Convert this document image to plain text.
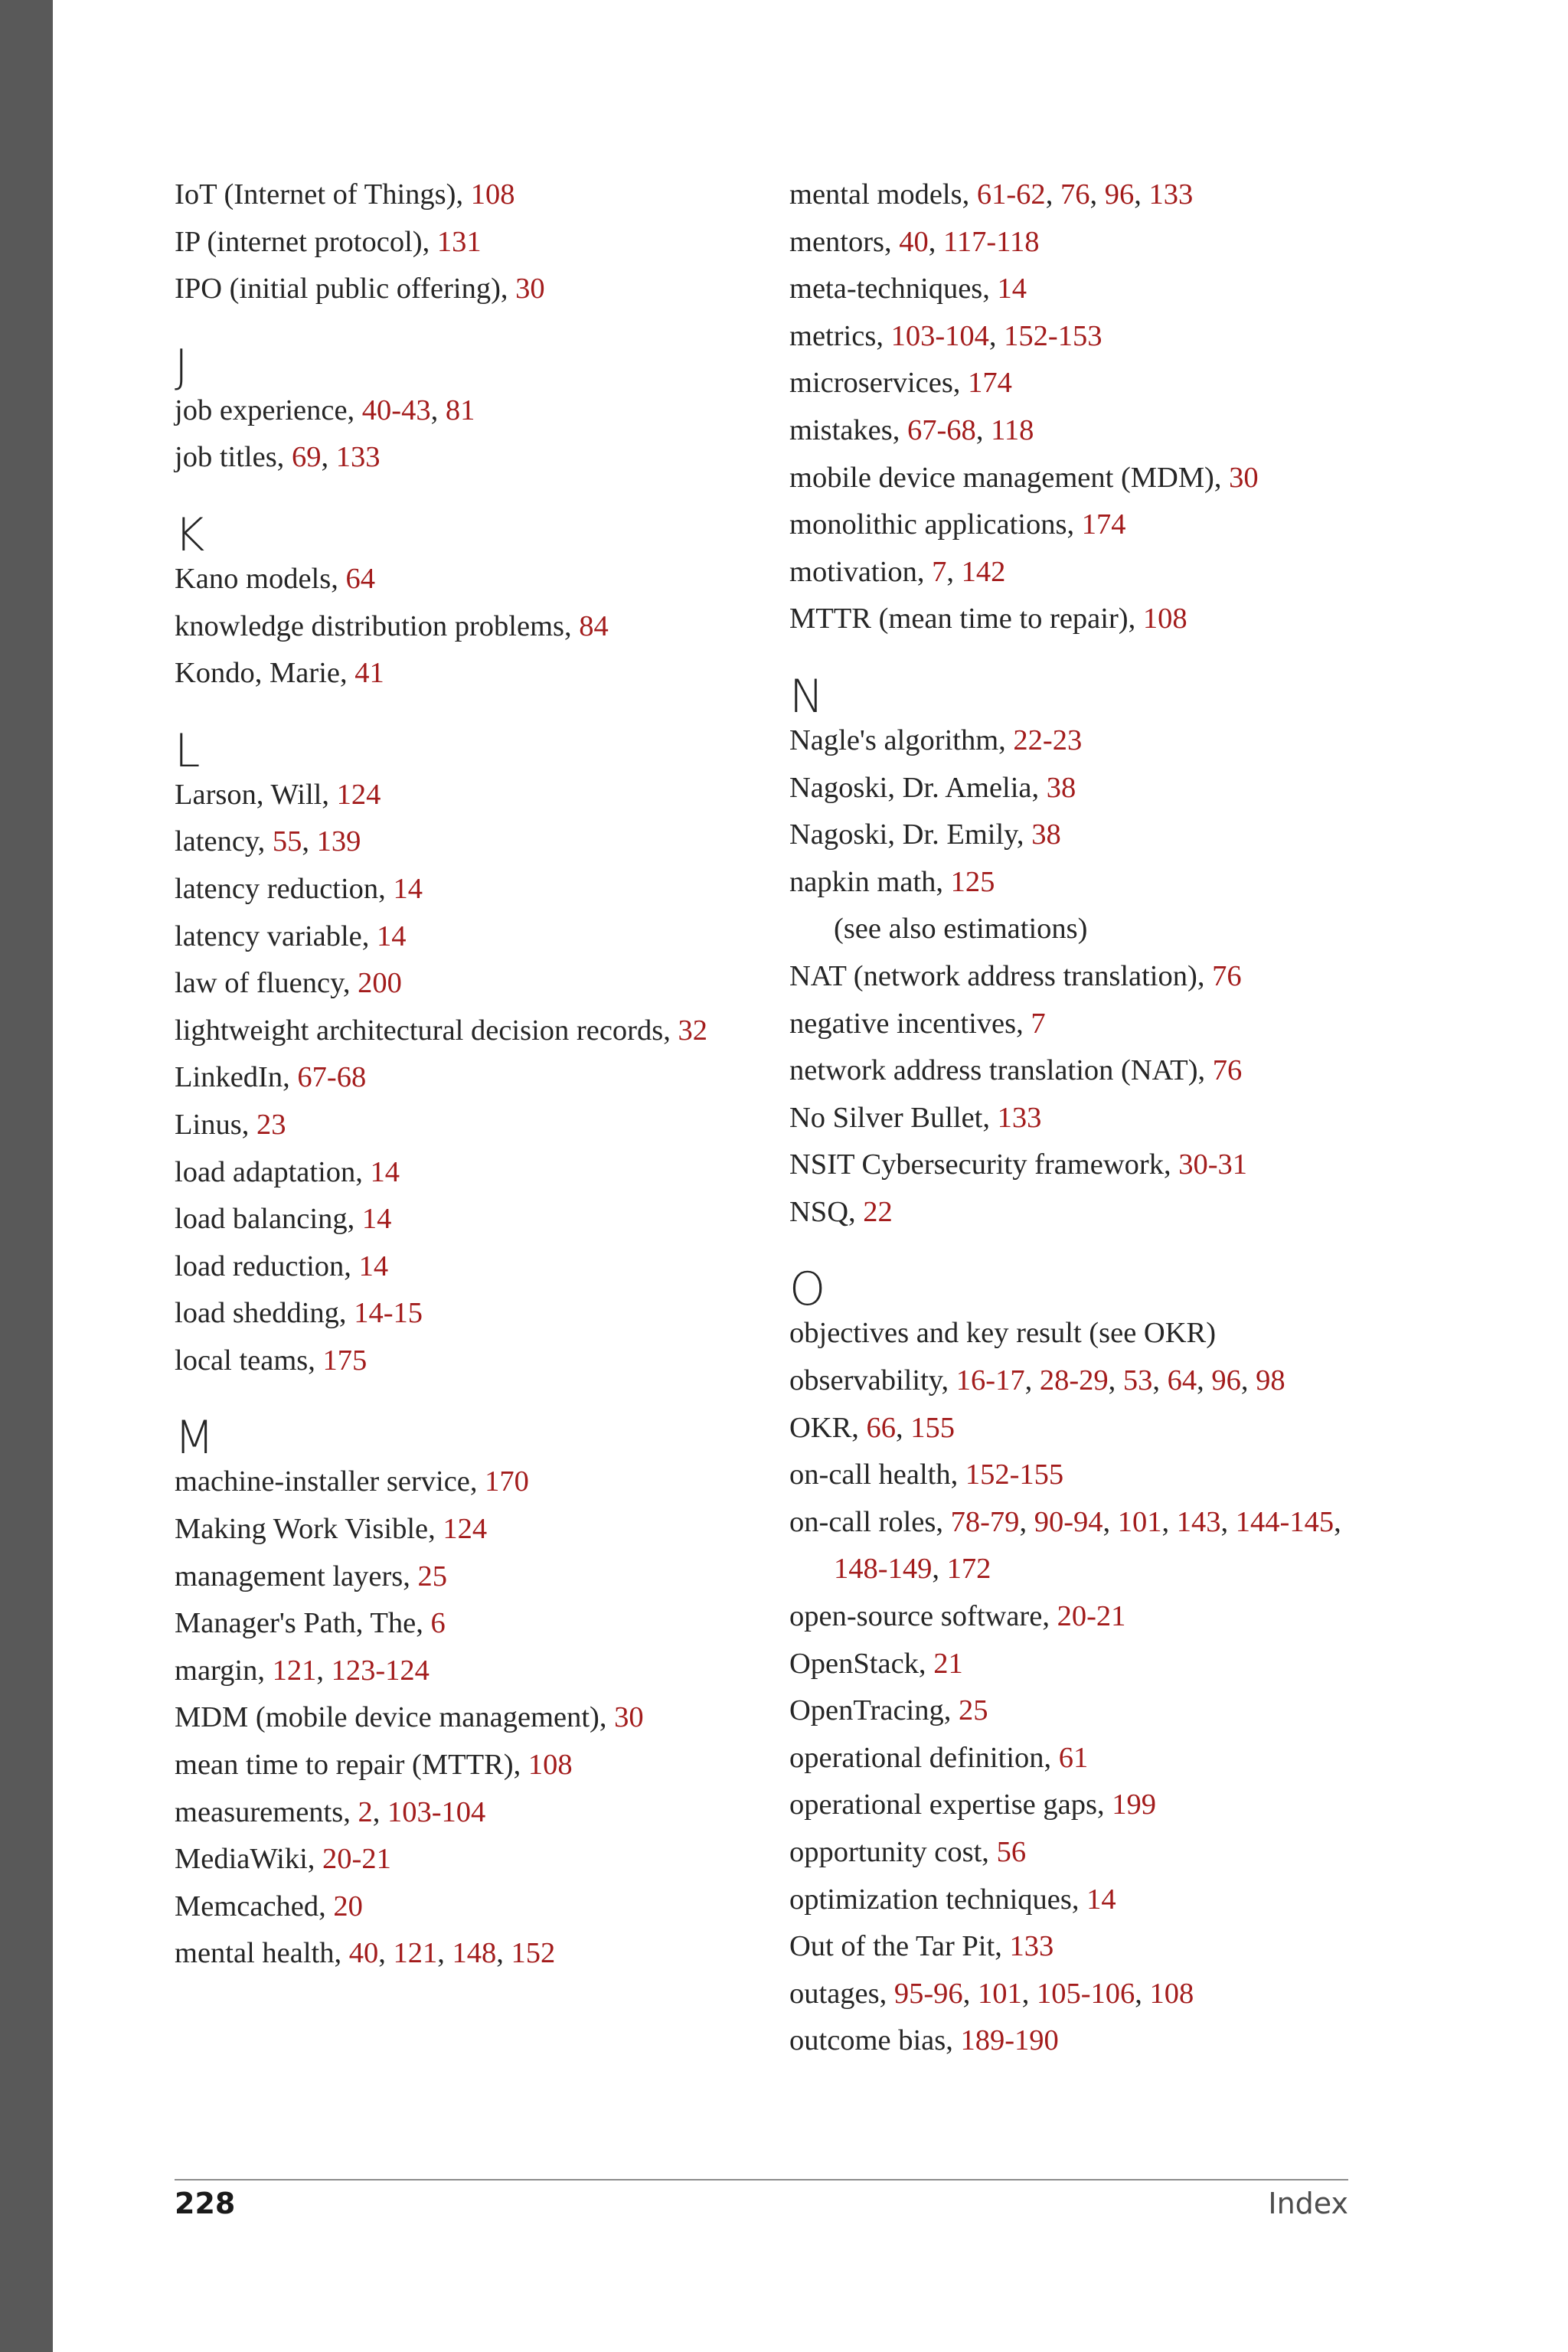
IoT (Internet of Things), 108

IP (internet protocol), 131

IPO (initial public offering), 30

J

job experience, 40-43, 81

job titles, 69, 133

K

Kano models, 64

knowledge distribution problems, 84

Kondo, Marie, 41

L

Larson, Will, 124

latency, 55, 139

latency reduction, 14

latency variable, 14

law of fluency, 200

lightweight architectural decision records, 32

LinkedIn, 67-68

Linus, 23

load adaptation, 14

load balancing, 14

load reduction, 14

load shedding, 14-15

local teams, 175

M

machine-installer service, 170

Making Work Visible, 124

management layers, 25

Manager's Path, The, 6

margin, 121, 123-124

MDM (mobile device management), 30

mean time to repair (MTTR), 108

measurements, 2, 103-104

MediaWiki, 20-21

Memcached, 20

mental health, 40, 121, 148, 152

mental models, 61-62, 76, 96, 133

mentors, 40, 117-118

meta-techniques, 14

metrics, 103-104, 152-153

microservices, 174

mistakes, 67-68, 118

mobile device management (MDM), 30

monolithic applications, 174

motivation, 7, 142

MTTR (mean time to repair), 108

N

Nagle's algorithm, 22-23

Nagoski, Dr. Amelia, 38

Nagoski, Dr. Emily, 38

napkin math, 125

(see also estimations)

NAT (network address translation), 76

negative incentives, 7

network address translation (NAT), 76

No Silver Bullet, 133

NSIT Cybersecurity framework, 30-31

NSQ, 22

O

objectives and key result (see OKR)

observability, 16-17, 28-29, 53, 64, 96, 98

OKR, 66, 155

on-call health, 152-155

on-call roles, 78-79, 90-94, 101, 143, 144-145, 148-149, 172

open-source software, 20-21

OpenStack, 21

OpenTracing, 25

operational definition, 61

operational expertise gaps, 199

opportunity cost, 56

optimization techniques, 14

Out of the Tar Pit, 133

outages, 95-96, 101, 105-106, 108

outcome bias, 189-190

228	Index
